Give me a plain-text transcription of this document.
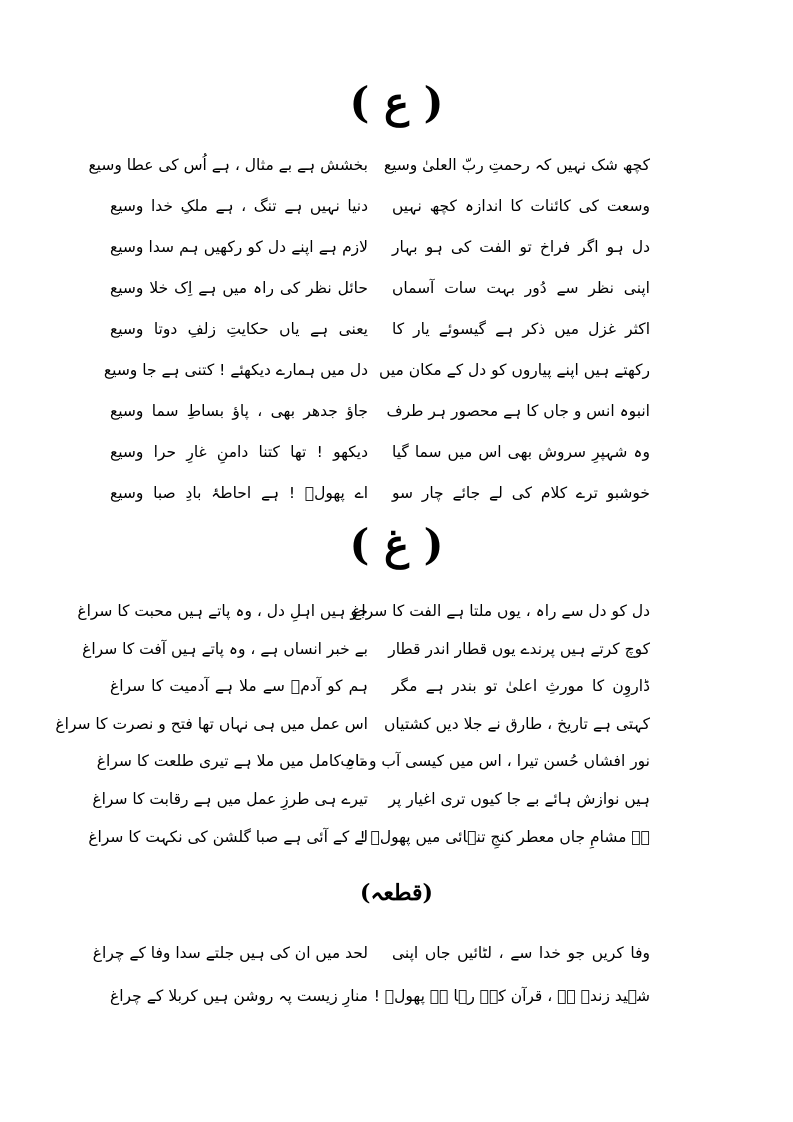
( ع )
کچھ شک نہیں کہ رحمتِ ربّ العلیٰ وسیع
بخشش ہے بے مثال ، ہے اُس کی عطا وسیع
وسعت کی کائنات کا اندازہ کچھ نہیں
دنیا نہیں ہے تنگ ، ہے ملکِ خدا وسیع
دل ہو اگر فراخ تو الفت کی ہو بہار
لازم ہے اپنے دل کو رکھیں ہم سدا وسیع
اپنی نظر سے دُور بہت سات آسماں
حائل نظر کی راہ میں ہے اِک خلا وسیع
اکثر غزل میں ذکر ہے گیسوئے یار کا
یعنی ہے یاں حکایتِ زلفِ دوتا وسیع
رکھتے ہیں اپنے پیاروں کو دل کے مکان میں
دل میں ہمارے دیکھئے ! کتنی ہے جا وسیع
انبوہ انس و جاں کا ہے محصور ہر طرف
جاؤ جدھر بھی ، پاؤ بساطِ سما وسیع
وہ شہپرِ سروش بھی اس میں سما گیا
دیکھو ! تھا کتنا دامنِ غارِ حرا وسیع
خوشبو ترے کلام کی لے جائے چار سو
اے پھولؔ ! ہے احاطۂ بادِ صبا وسیع
( غ )
دل کو دل سے راہ ، یوں ملتا ہے الفت کا سراغ
جو ہیں اہلِ دل ، وہ پاتے ہیں محبت کا سراغ
کوچ کرتے ہیں پرندے یوں قطار اندر قطار
بے خبر انساں ہے ، وہ پاتے ہیں آفت کا سراغ
ڈاروِن کا مورثِ اعلیٰ تو بندر ہے مگر
ہم کو آدمؑ سے ملا ہے آدمیت کا سراغ
کہتی ہے تاریخ ، طارق نے جلا دیں کشتیاں
اس عمل میں ہی نہاں تھا فتح و نصرت کا سراغ
نور افشاں حُسن تیرا ، اس میں کیسی آب و تاب
ماہِ کامل میں ملا ہے تیری طلعت کا سراغ
ہیں نوازش ہائے بے جا کیوں تری اغیار پر
تیرے ہی طرزِ عمل میں ہے رقابت کا سراغ
ہے مشامِ جاں معطر کنجِ تنہائی میں پھولؔ !
لے کے آئی ہے صبا گلشن کی نکہت کا سراغ
(قطعہ)
وفا کریں جو خدا سے ، لٹائیں جاں اپنی
لحد میں ان کی ہیں جلتے سدا وفا کے چراغ
شہید زندہ ہے ، قرآن کہہ رہا ہے پھولؔ !
منارِ زیست پہ روشن ہیں کربلا کے چراغ
